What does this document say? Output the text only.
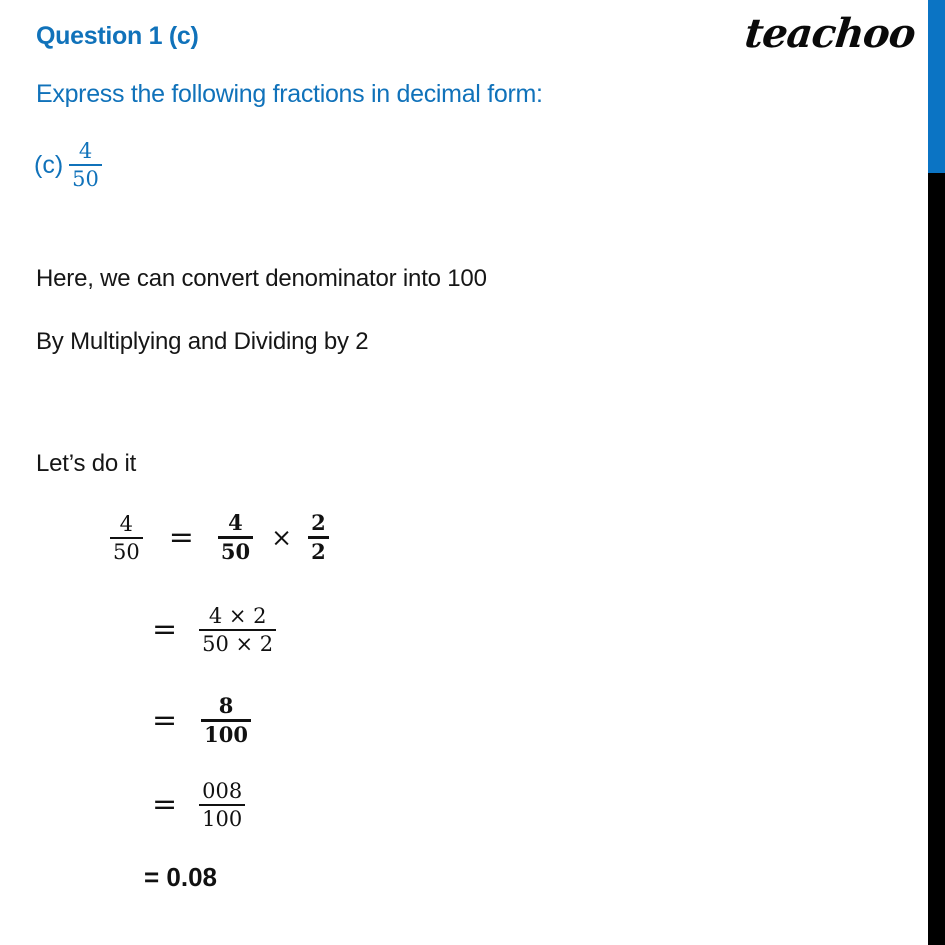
teachoo
Question 1 (c)
Express the following fractions in decimal form:
$(c) \frac{4}{50}$
Here, we can convert denominator into 100
By Multiplying and Dividing by 2
Let’s do it
$\frac{4}{50} = \frac{4}{50} \times \frac{2}{2}$
= $\frac{4 \times 2}{50 \times 2}$
= $\frac{8}{100}$
= $\frac{008}{100}$
= 0.08
